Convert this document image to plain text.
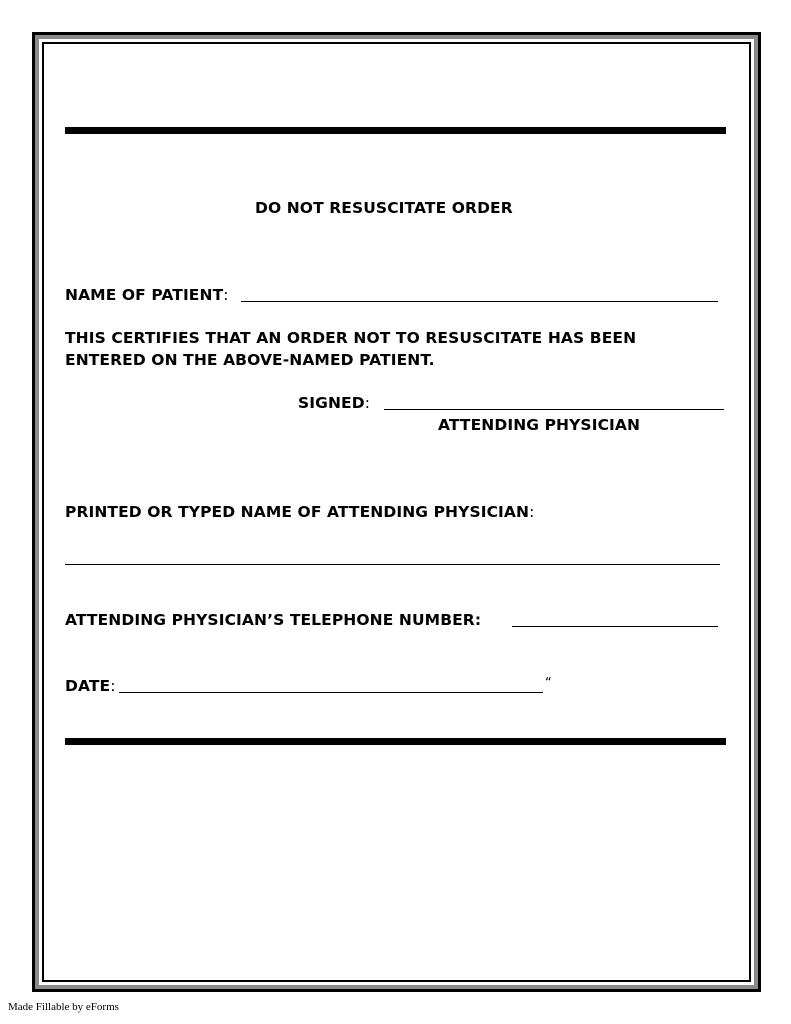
DO NOT RESUSCITATE ORDER
NAME OF PATIENT:
THIS CERTIFIES THAT AN ORDER NOT TO RESUSCITATE HAS BEEN
ENTERED ON THE ABOVE-NAMED PATIENT.
SIGNED:
ATTENDING PHYSICIAN
PRINTED OR TYPED NAME OF ATTENDING PHYSICIAN:
ATTENDING PHYSICIAN’S TELEPHONE NUMBER:
DATE:	“
Made Fillable by eForms
